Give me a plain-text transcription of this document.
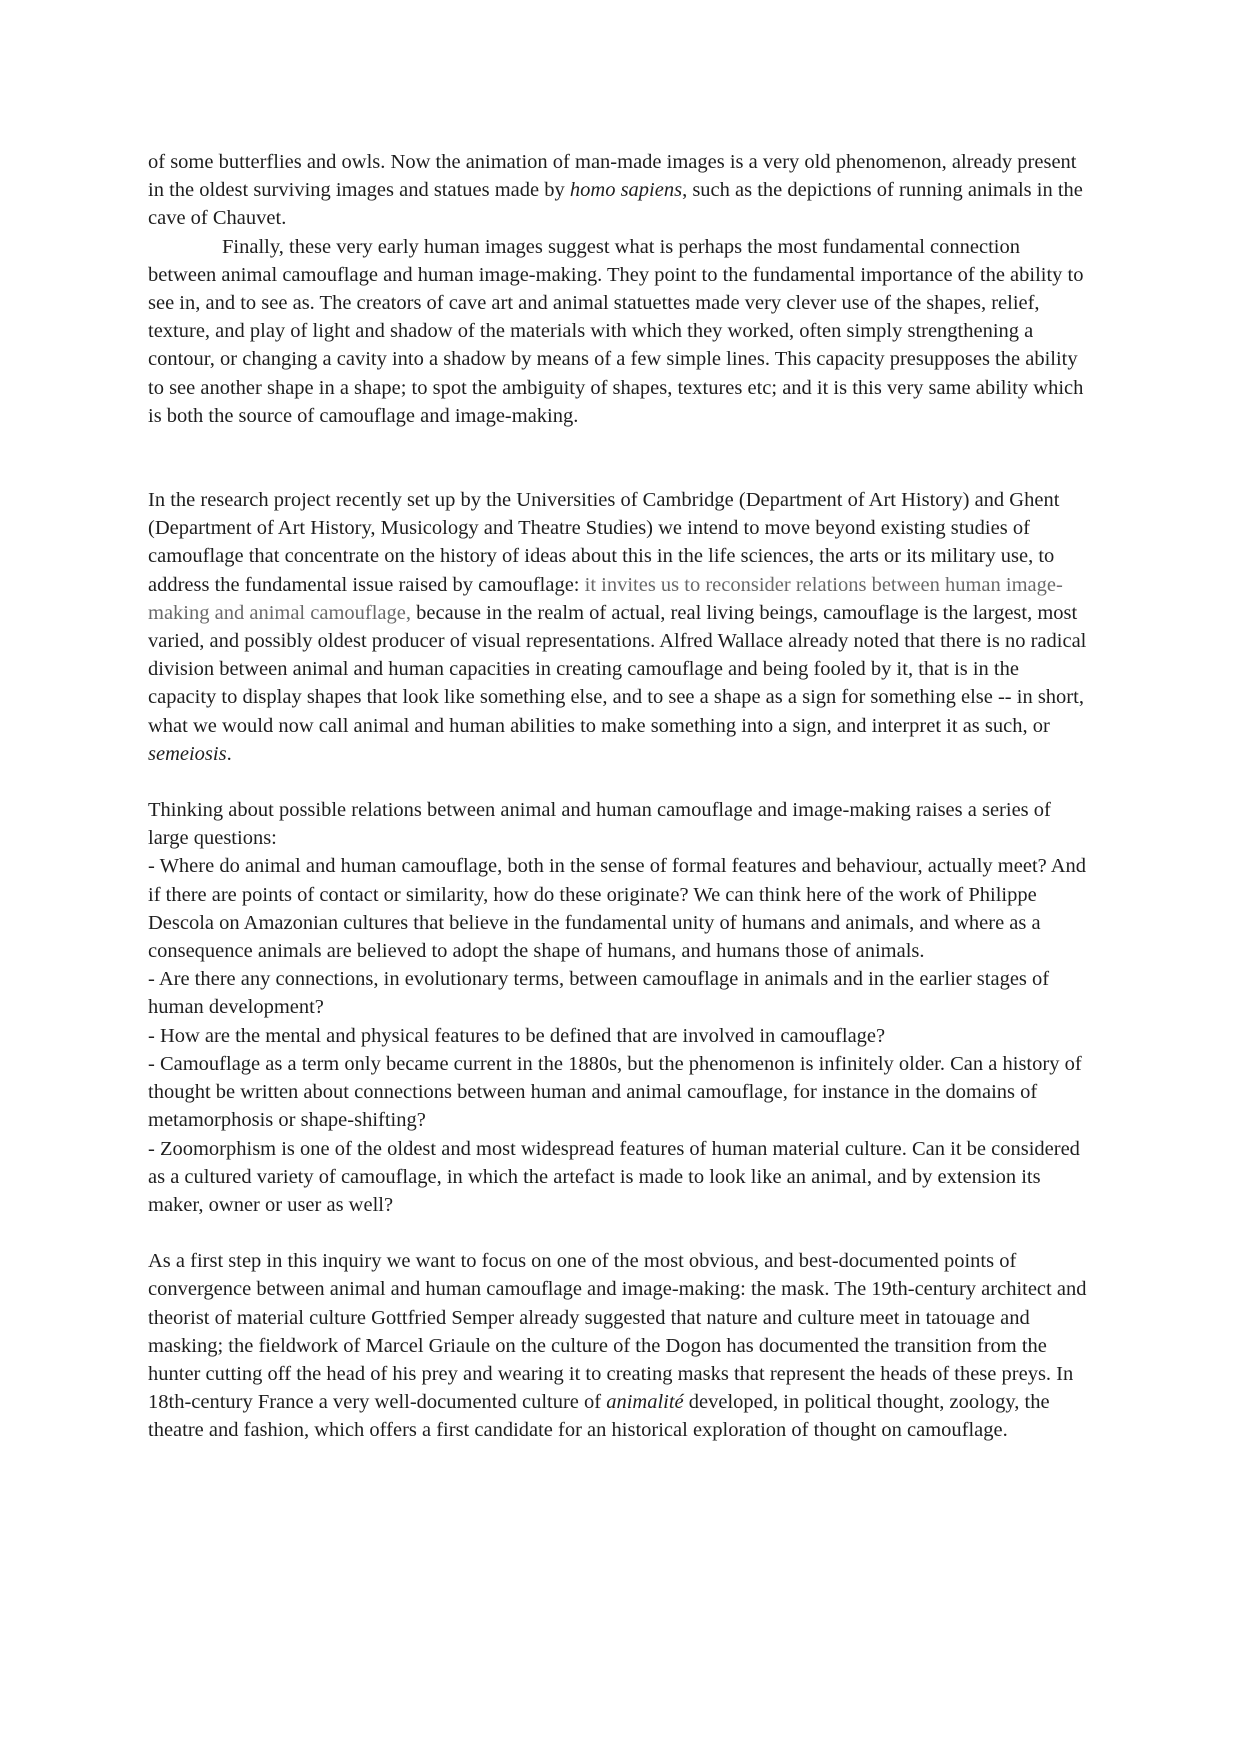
of some butterflies and owls. Now the animation of man-made images is a very old phenomenon, already present in the oldest surviving images and statues made by homo sapiens, such as the depictions of running animals in the cave of Chauvet.

Finally, these very early human images suggest what is perhaps the most fundamental connection between animal camouflage and human image-making. They point to the fundamental importance of the ability to see in, and to see as. The creators of cave art and animal statuettes made very clever use of the shapes, relief, texture, and play of light and shadow of the materials with which they worked, often simply strengthening a contour, or changing a cavity into a shadow by means of a few simple lines. This capacity presupposes the ability to see another shape in a shape; to spot the ambiguity of shapes, textures etc; and it is this very same ability which is both the source of camouflage and image-making.

In the research project recently set up by the Universities of Cambridge (Department of Art History) and Ghent (Department of Art History, Musicology and Theatre Studies) we intend to move beyond existing studies of camouflage that concentrate on the history of ideas about this in the life sciences, the arts or its military use, to address the fundamental issue raised by camouflage: it invites us to reconsider relations between human image-making and animal camouflage, because in the realm of actual, real living beings, camouflage is the largest, most varied, and possibly oldest producer of visual representations. Alfred Wallace already noted that there is no radical division between animal and human capacities in creating camouflage and being fooled by it, that is in the capacity to display shapes that look like something else, and to see a shape as a sign for something else -- in short, what we would now call animal and human abilities to make something into a sign, and interpret it as such, or semeiosis.

Thinking about possible relations between animal and human camouflage and image-making raises a series of large questions:

- Where do animal and human camouflage, both in the sense of formal features and behaviour, actually meet? And if there are points of contact or similarity, how do these originate? We can think here of the work of Philippe Descola on Amazonian cultures that believe in the fundamental unity of humans and animals, and where as a consequence animals are believed to adopt the shape of humans, and humans those of animals.

- Are there any connections, in evolutionary terms, between camouflage in animals and in the earlier stages of human development?

- How are the mental and physical features to be defined that are involved in camouflage?

- Camouflage as a term only became current in the 1880s, but the phenomenon is infinitely older. Can a history of thought be written about connections between human and animal camouflage, for instance in the domains of metamorphosis or shape-shifting?

- Zoomorphism is one of the oldest and most widespread features of human material culture. Can it be considered as a cultured variety of camouflage, in which the artefact is made to look like an animal, and by extension its maker, owner or user as well?

As a first step in this inquiry we want to focus on one of the most obvious, and best-documented points of convergence between animal and human camouflage and image-making: the mask. The 19th-century architect and theorist of material culture Gottfried Semper already suggested that nature and culture meet in tatouage and masking; the fieldwork of Marcel Griaule on the culture of the Dogon has documented the transition from the hunter cutting off the head of his prey and wearing it to creating masks that represent the heads of these preys. In 18th-century France a very well-documented culture of animalité developed, in political thought, zoology, the theatre and fashion, which offers a first candidate for an historical exploration of thought on camouflage.
